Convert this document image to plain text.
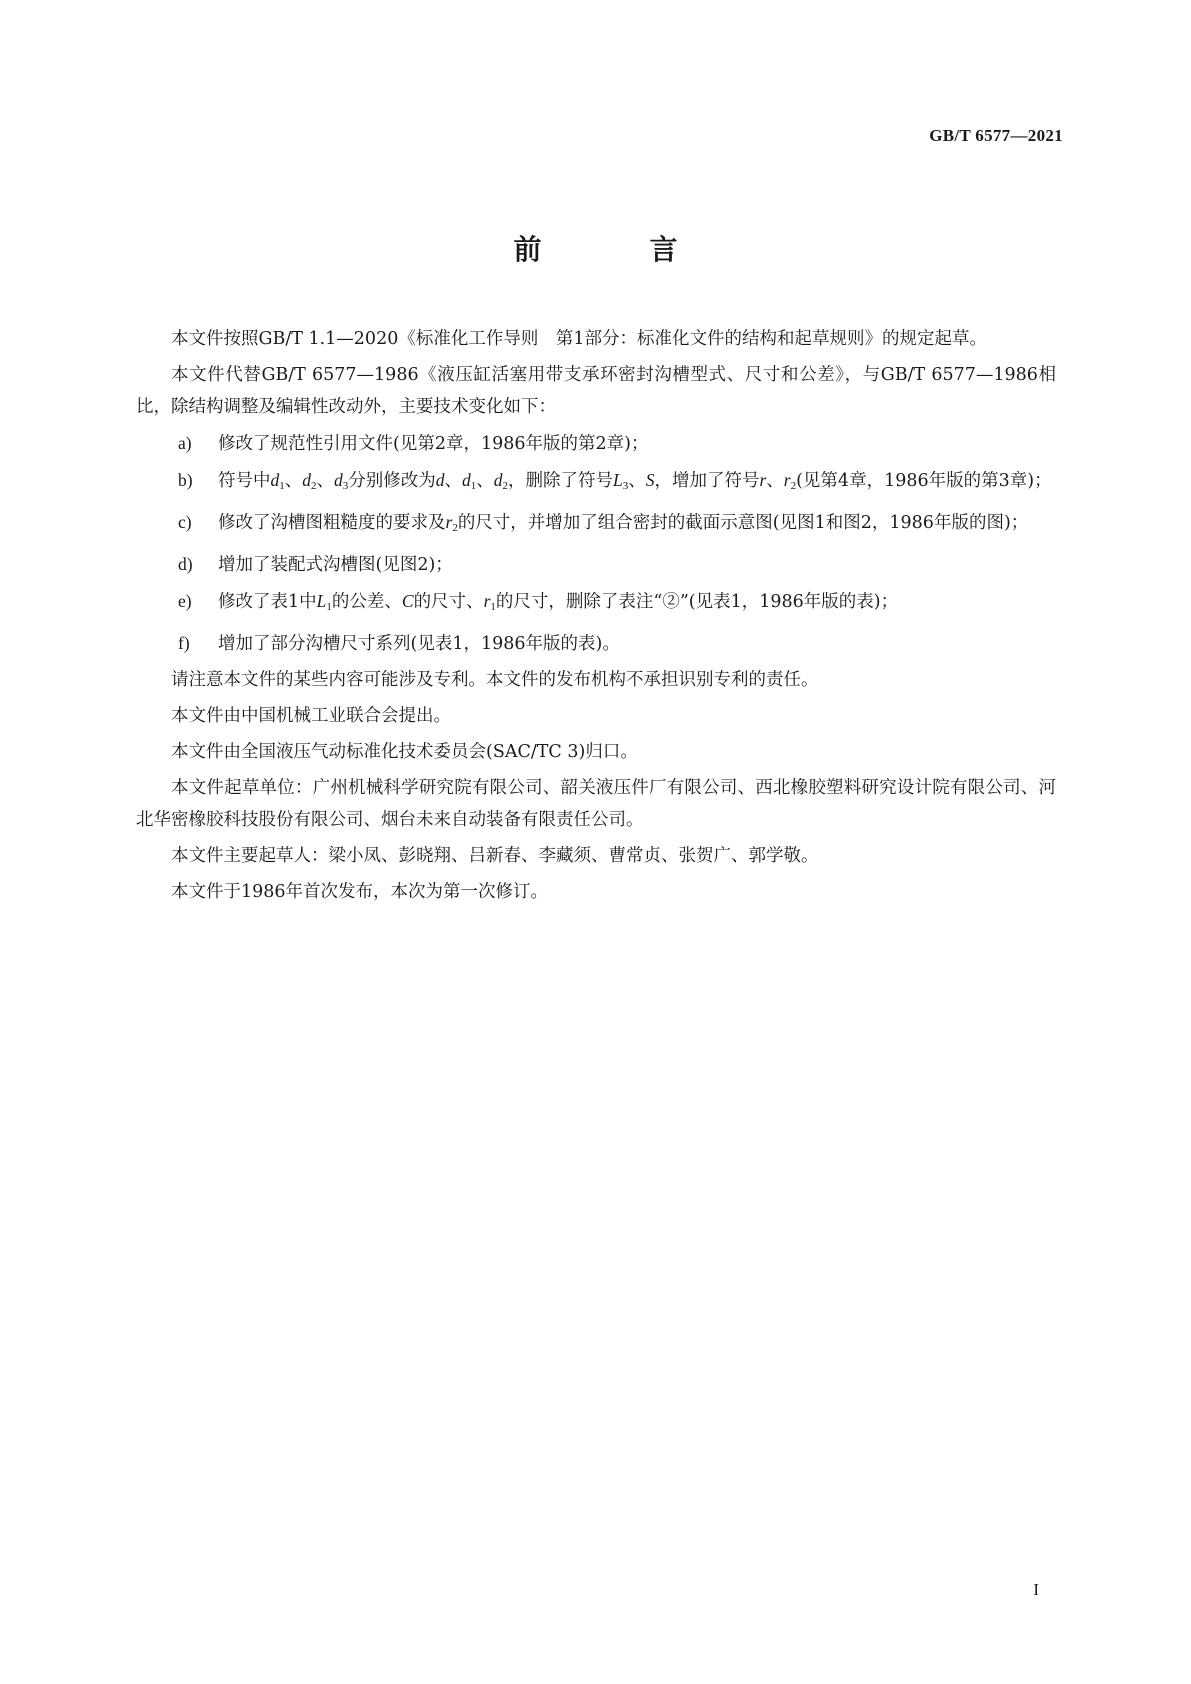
GB/T 6577—2021
前　言

本文件按照GB/T 1.1—2020《标准化工作导则　第1部分：标准化文件的结构和起草规则》的规定起草。

本文件代替GB/T 6577—1986《液压缸活塞用带支承环密封沟槽型式、尺寸和公差》，与GB/T 6577—1986相比，除结构调整及编辑性改动外，主要技术变化如下：

a) 修改了规范性引用文件(见第2章，1986年版的第2章)；

b) 符号中$d_1$、$d_2$、$d_3$分别修改为d、$d_1$、$d_2$，删除了符号$L_3$、S，增加了符号r、$r_2$(见第4章，1986年版的第3章)；

c) 修改了沟槽图粗糙度的要求及$r_2$的尺寸，并增加了组合密封的截面示意图(见图1和图2，1986年版的图)；

d) 增加了装配式沟槽图(见图2)；

e) 修改了表1中$L_1$的公差、C的尺寸、$r_1$的尺寸，删除了表注“②”(见表1，1986年版的表)；

f) 增加了部分沟槽尺寸系列(见表1，1986年版的表)。

请注意本文件的某些内容可能涉及专利。本文件的发布机构不承担识别专利的责任。

本文件由中国机械工业联合会提出。

本文件由全国液压气动标准化技术委员会(SAC/TC 3)归口。

本文件起草单位：广州机械科学研究院有限公司、韶关液压件厂有限公司、西北橡胶塑料研究设计院有限公司、河北华密橡胶科技股份有限公司、烟台未来自动装备有限责任公司。

本文件主要起草人：梁小凤、彭晓翔、吕新春、李藏须、曹常贞、张贺广、郭学敬。

本文件于1986年首次发布，本次为第一次修订。

I
